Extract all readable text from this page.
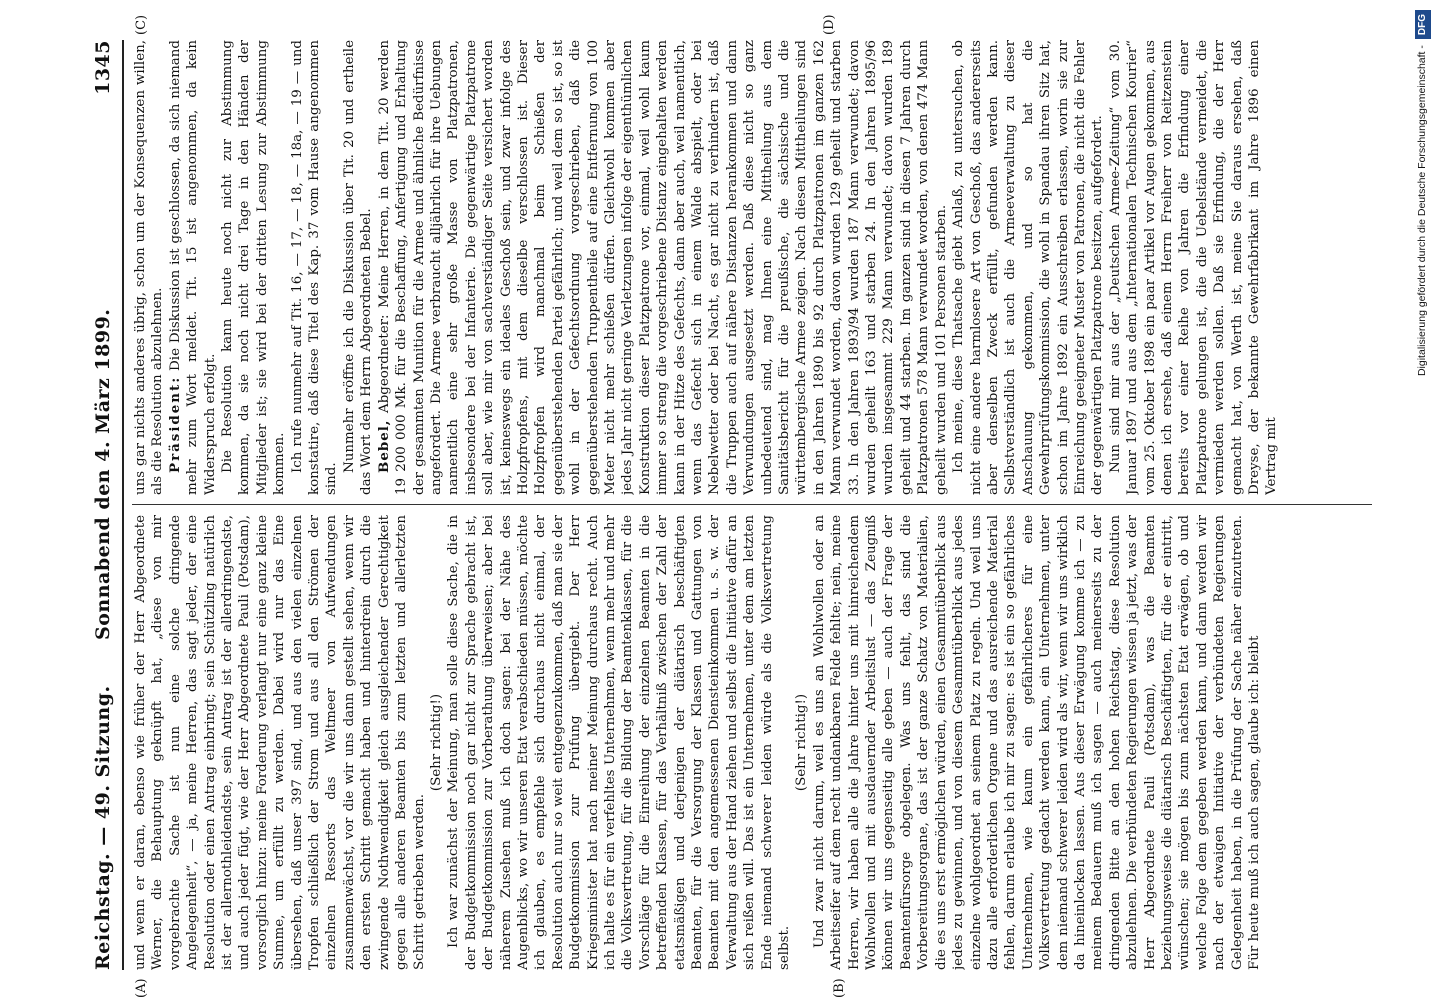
Reichstag. — 49. Sitzung.
Sonnabend den 4. März 1899.
1345
(A)	(B)
(C)	(D)

und wenn er daran, ebenso wie früher der Herr Abgeordnete Werner, die Behauptung geknüpft hat, „diese von mir vorgebrachte Sache ist nun eine solche dringende Angelegenheit“, — ja, meine Herren, das sagt jeder, der eine Resolution oder einen Antrag einbringt; sein Schützling natürlich ist der allernothleidendste, sein Antrag ist der allerdringendste, und auch jeder fügt, wie der Herr Abgeordnete Pauli (Potsdam), vorsorglich hinzu: meine Forderung verlangt nur eine ganz kleine Summe, um erfüllt zu werden. Dabei wird nur das Eine übersehen, daß unser 397 sind, und aus den vielen einzelnen Tropfen schließlich der Strom und aus all den Strömen der einzelnen Ressorts das Weltmeer von Aufwendungen zusammenwächst, vor die wir uns dann gestellt sehen, wenn wir den ersten Schritt gemacht haben und hinterdrein durch die zwingende Nothwendigkeit gleich ausgleichender Gerechtigkeit gegen alle anderen Beamten bis zum letzten und allerletzten Schritt getrieben werden.

(Sehr richtig!) Ich war zunächst der Meinung, man solle diese Sache, die in der Budgetkommission noch gar nicht zur Sprache gebracht ist, der Budgetkommission zur Vorberathung überweisen; aber bei näherem Zusehen muß ich doch sagen: bei der Nähe des Augenblicks, wo wir unseren Etat verabschieden müssen, möchte ich glauben, es empfehle sich durchaus nicht einmal, der Resolution auch nur so weit entgegenzukommen, daß man sie der Budgetkommission zur Prüfung übergiebt. Der Herr Kriegsminister hat nach meiner Meinung durchaus recht. Auch ich halte es für ein verfehltes Unternehmen, wenn mehr und mehr die Volksvertretung, für die Bildung der Beamtenklassen, für die Vorschläge für die Einreihung der einzelnen Beamten in die betreffenden Klassen, für das Verhältniß zwischen der Zahl der etatsmäßigen und derjenigen der diätarisch beschäftigten Beamten, für die Versorgung der Klassen und Gattungen von Beamten mit den angemessenen Diensteinkommen u. s. w. der Verwaltung aus der Hand ziehen und selbst die Initiative dafür an sich reißen will. Das ist ein Unternehmen, unter dem am letzten Ende niemand schwerer leiden würde als die Volksvertretung selbst.

(Sehr richtig!) Und zwar nicht darum, weil es uns an Wohlwollen oder an Arbeitseifer auf dem recht undankbaren Felde fehlte; nein, meine Herren, wir haben alle die Jahre hinter uns mit hinreichendem Wohlwollen und mit ausdauernder Arbeitslust — das Zeugniß können wir uns gegenseitig alle geben — auch der Frage der Beamtenfürsorge obgelegen. Was uns fehlt, das sind die Vorbereitungsorgane, das ist der ganze Schatz von Materialien, die es uns erst ermöglichen würden, einen Gesammtüberblick aus jedes zu gewinnen, und von diesem Gesammtüberblick aus jedes einzelne wohlgeordnet an seinem Platz zu regeln. Und weil uns dazu alle erforderlichen Organe und das ausreichende Material fehlen, darum erlaube ich mir zu sagen: es ist ein so gefährliches Unternehmen, wie kaum ein gefährlicheres für eine Volksvertretung gedacht werden kann, ein Unternehmen, unter dem niemand schwerer leiden wird als wir, wenn wir uns wirklich da hineinlocken lassen. Aus dieser Erwägung komme ich — zu meinem Bedauern muß ich sagen — auch meinerseits zu der dringenden Bitte an den hohen Reichstag, diese Resolution abzulehnen. Die verbündeten Regierungen wissen ja jetzt, was der Herr Abgeordnete Pauli (Potsdam), was die Beamten beziehungsweise die diätarisch Beschäftigten, für die er eintritt, wünschen; sie mögen bis zum nächsten Etat erwägen, ob und welche Folge dem gegeben werden kann, und dann werden wir nach der etwaigen Initiative der verbündeten Regierungen Gelegenheit haben, in die Prüfung der Sache näher einzutreten. Für heute muß ich auch sagen, glaube ich: bleibt

uns gar nichts anderes übrig, schon um der Konsequenzen willen, als die Resolution abzulehnen. Präsident: Die Diskussion ist geschlossen, da sich niemand mehr zum Wort meldet. Tit. 15 ist angenommen, da kein Widerspruch erfolgt. Die Resolution kann heute noch nicht zur Abstimmung kommen, da sie noch nicht drei Tage in den Händen der Mitglieder ist; sie wird bei der dritten Lesung zur Abstimmung kommen. Ich rufe nunmehr auf Tit. 16, — 17, — 18, — 18a, — 19 — und konstatire, daß diese Titel des Kap. 37 vom Hause angenommen sind.

Nunmehr eröffne ich die Diskussion über Tit. 20 und ertheile das Wort dem Herrn Abgeordneten Bebel. Bebel, Abgeordneter: Meine Herren, in dem Tit. 20 werden 19 200 000 Mk. für die Beschaffung, Anfertigung und Erhaltung der gesammten Munition für die Armee und ähnliche Bedürfnisse angefordert. Die Armee verbraucht alljährlich für ihre Uebungen namentlich eine sehr große Masse von Platzpatronen, insbesondere bei der Infanterie. Die gegenwärtige Platzpatrone soll aber, wie mir von sachverständiger Seite versichert worden ist, keineswegs ein ideales Geschoß sein, und zwar infolge des Holzpfropfens, mit dem dieselbe verschlossen ist. Dieser Holzpfropfen wird manchmal beim Schießen der gegenüberstehenden Partei gefährlich; und weil dem so ist, so ist wohl in der Gefechtsordnung vorgeschrieben, daß die gegenüberstehenden Truppentheile auf eine Entfernung von 100 Meter nicht mehr schießen dürfen. Gleichwohl kommen aber jedes Jahr nicht geringe Verletzungen infolge der eigenthümlichen Konstruktion dieser Platzpatrone vor, einmal, weil wohl kaum immer so streng die vorgeschriebene Distanz eingehalten werden kann in der Hitze des Gefechts, dann aber auch, weil namentlich, wenn das Gefecht sich in einem Walde abspielt, oder bei Nebelwetter oder bei Nacht, es gar nicht zu verhindern ist, daß die Truppen auch auf nähere Distanzen herankommen und dann Verwundungen ausgesetzt werden. Daß diese nicht so ganz unbedeutend sind, mag Ihnen eine Mittheilung aus dem Sanitätsbericht für die preußische, die sächsische und die württembergische Armee zeigen. Nach diesen Mittheilungen sind in den Jahren 1890 bis 92 durch Platzpatronen im ganzen 162 Mann verwundet worden, davon wurden 129 geheilt und starben 33. In den Jahren 1893/94 wurden 187 Mann verwundet; davon wurden geheilt 163 und starben 24. In den Jahren 1895/96 wurden insgesammt 229 Mann verwundet; davon wurden 189 geheilt und 44 starben. Im ganzen sind in diesen 7 Jahren durch Platzpatronen 578 Mann verwundet worden, von denen 474 Mann geheilt wurden und 101 Personen starben. Ich meine, diese Thatsache giebt Anlaß, zu untersuchen, ob nicht eine andere harmlosere Art von Geschoß, das andererseits aber denselben Zweck erfüllt, gefunden werden kann. Selbstverständlich ist auch die Armeeverwaltung zu dieser Anschauung gekommen, und so hat die Gewehrprüfungskommission, die wohl in Spandau ihren Sitz hat, schon im Jahre 1892 ein Ausschreiben erlassen, worin sie zur Einreichung geeigneter Muster von Patronen, die nicht die Fehler der gegenwärtigen Platzpatrone besitzen, aufgefordert. Nun sind mir aus der „Deutschen Armee-Zeitung“ vom 30. Januar 1897 und aus dem „Internationalen Technischen Kourier“ vom 25. Oktober 1898 ein paar Artikel vor Augen gekommen, aus denen ich ersehe, daß einem Herrn Freiherr von Reitzenstein bereits vor einer Reihe von Jahren die Erfindung einer Platzpatrone gelungen ist, die die Uebelstände vermeidet, die vermieden werden sollen. Daß sie Erfindung, die der Herr gemacht hat, von Werth ist, meine Sie daraus ersehen, daß Dreyse, der bekannte Gewehrfabrikant im Jahre 1896 einen Vertrag mit

Digitalisierung gefördert durch die Deutsche Forschungsgemeinschaft -DFG
